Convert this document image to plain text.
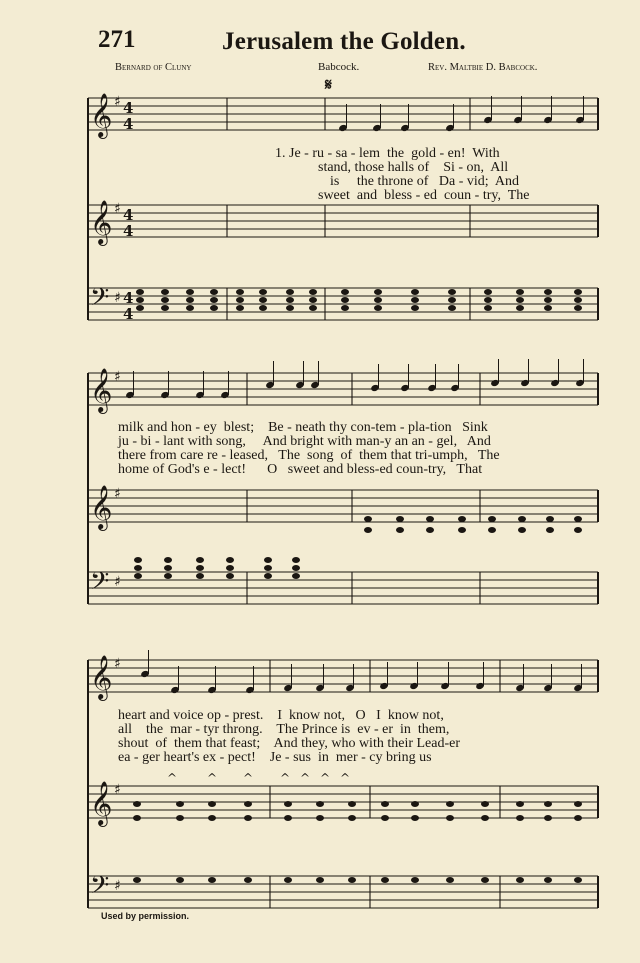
271	Jerusalem the Golden.
Bernard of Cluny	Babcock.	Rev. Maltbie D. Babcock.
𝄞 ♯ 4
4
𝄞 ♯ 4
4
𝄢 ♯ 4
4
𝄞 ♯
𝄞 ♯
𝄢 ♯
𝄞 ♯
𝄞 ♯
𝄢 ♯
^ ^ ^ ^ ^ ^ ^
𝄋
1. Je - ru - sa - lem  the  gold - en!  With
stand, those halls of    Si - on,  All
is     the throne of   Da - vid;  And
sweet  and  bless - ed  coun - try,  The
milk and hon - ey  blest;    Be - neath thy con-tem - pla-tion   Sink
ju - bi - lant with song,     And bright with man-y an an - gel,   And
there from care re - leased,   The  song  of  them that tri-umph,   The
home of God's e - lect!      O   sweet and bless-ed coun-try,   That
heart and voice op - prest.    I  know not,   O   I  know not,
all    the  mar - tyr throng.    The Prince is  ev - er  in  them,
shout  of  them that feast;    And they, who with their Lead-er
ea - ger heart's ex - pect!    Je - sus  in  mer - cy bring us
Used by permission.
